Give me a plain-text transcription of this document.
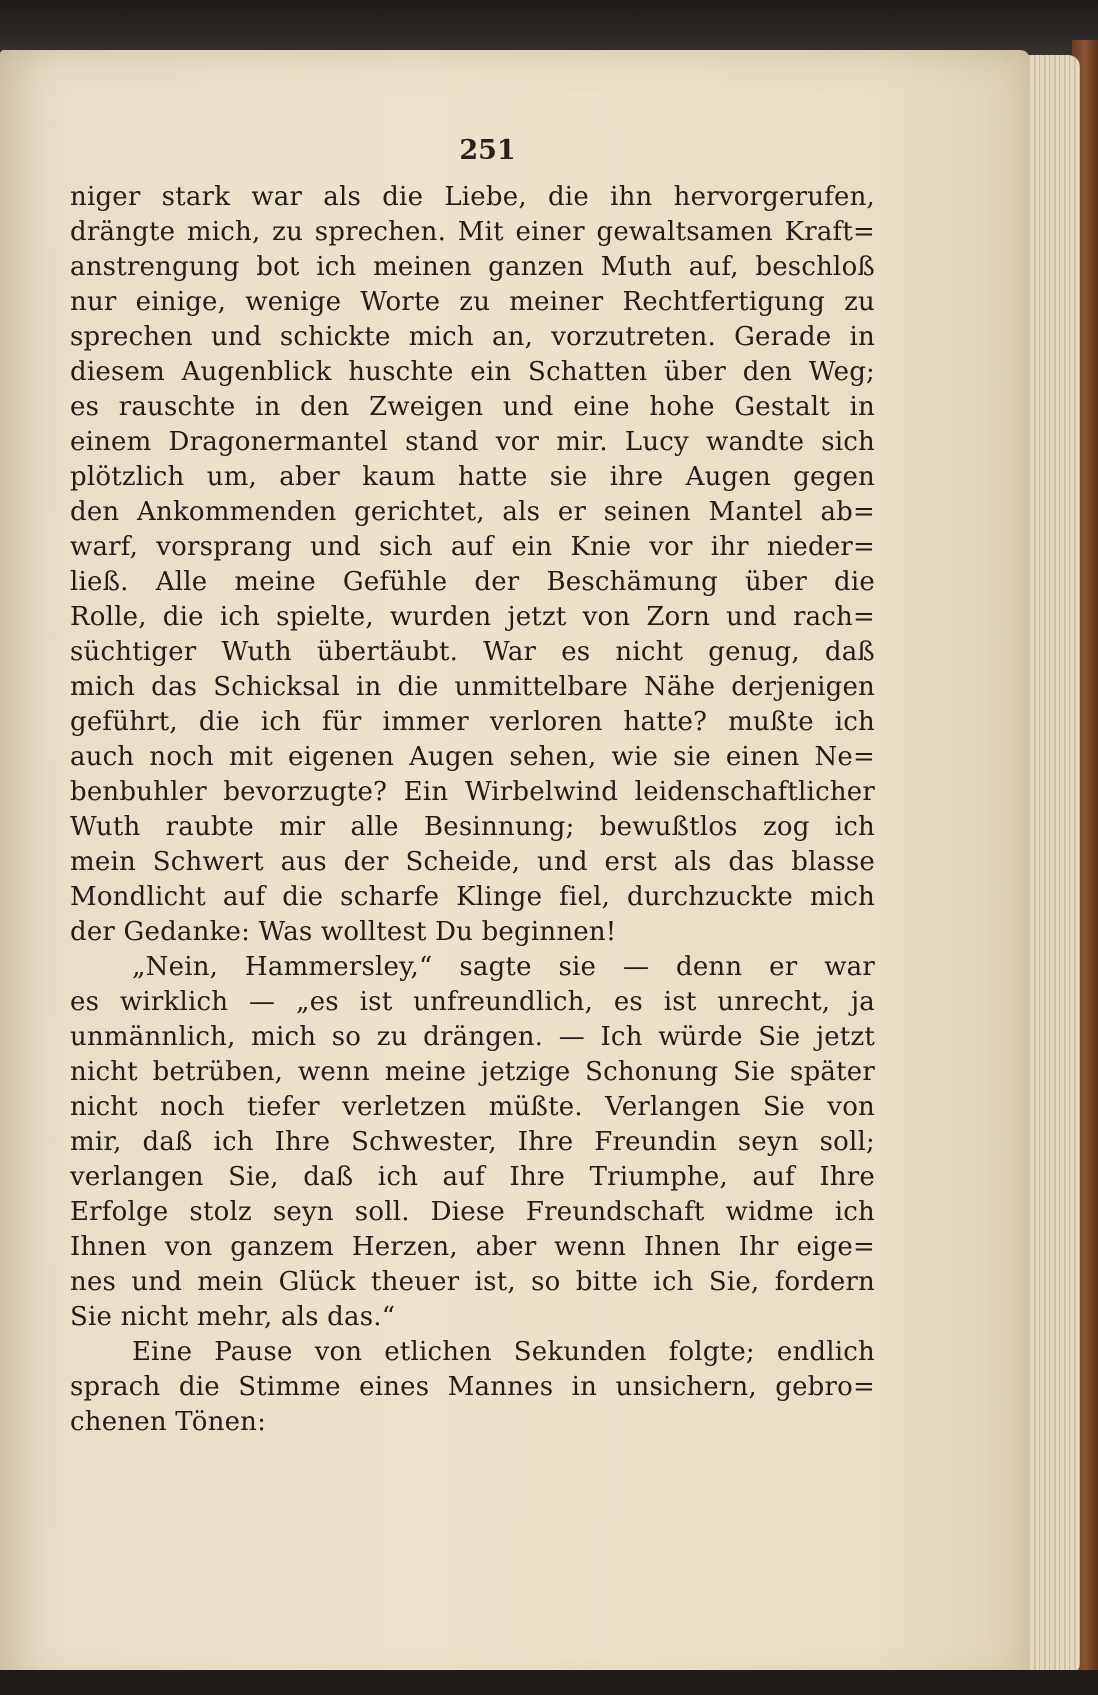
251
niger stark war als die Liebe, die ihn hervorgerufen,
drängte mich, zu sprechen. Mit einer gewaltsamen Kraft=
anstrengung bot ich meinen ganzen Muth auf, beschloß
nur einige, wenige Worte zu meiner Rechtfertigung zu
sprechen und schickte mich an, vorzutreten. Gerade in
diesem Augenblick huschte ein Schatten über den Weg;
es rauschte in den Zweigen und eine hohe Gestalt in
einem Dragonermantel stand vor mir. Lucy wandte sich
plötzlich um, aber kaum hatte sie ihre Augen gegen
den Ankommenden gerichtet, als er seinen Mantel ab=
warf, vorsprang und sich auf ein Knie vor ihr nieder=
ließ. Alle meine Gefühle der Beschämung über die
Rolle, die ich spielte, wurden jetzt von Zorn und rach=
süchtiger Wuth übertäubt. War es nicht genug, daß
mich das Schicksal in die unmittelbare Nähe derjenigen
geführt, die ich für immer verloren hatte? mußte ich
auch noch mit eigenen Augen sehen, wie sie einen Ne=
benbuhler bevorzugte? Ein Wirbelwind leidenschaftlicher
Wuth raubte mir alle Besinnung; bewußtlos zog ich
mein Schwert aus der Scheide, und erst als das blasse
Mondlicht auf die scharfe Klinge fiel, durchzuckte mich
der Gedanke: Was wolltest Du beginnen!
„Nein, Hammersley,“ sagte sie — denn er war
es wirklich — „es ist unfreundlich, es ist unrecht, ja
unmännlich, mich so zu drängen. — Ich würde Sie jetzt
nicht betrüben, wenn meine jetzige Schonung Sie später
nicht noch tiefer verletzen müßte. Verlangen Sie von
mir, daß ich Ihre Schwester, Ihre Freundin seyn soll;
verlangen Sie, daß ich auf Ihre Triumphe, auf Ihre
Erfolge stolz seyn soll. Diese Freundschaft widme ich
Ihnen von ganzem Herzen, aber wenn Ihnen Ihr eige=
nes und mein Glück theuer ist, so bitte ich Sie, fordern
Sie nicht mehr, als das.“
Eine Pause von etlichen Sekunden folgte; endlich
sprach die Stimme eines Mannes in unsichern, gebro=
chenen Tönen:
